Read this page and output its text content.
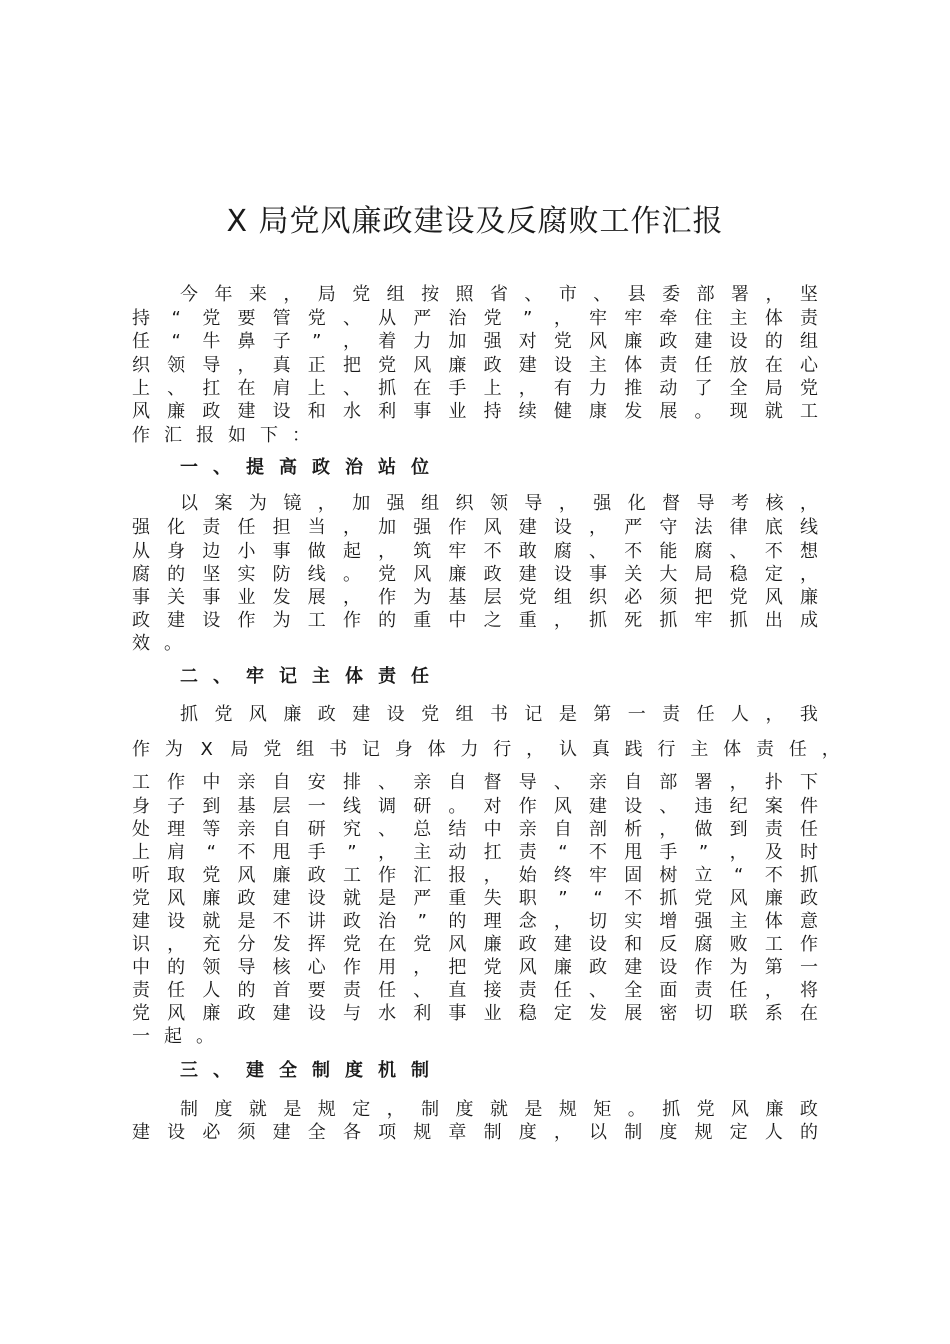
X 局党风廉政建设及反腐败工作汇报
今 年 来 ， 局 党 组 按 照 省 、 市 、 县 委 部 署 ， 坚
持 “ 党 要 管 党 、 从 严 治 党 ” ， 牢 牢 牵 住 主 体 责
任 “ 牛 鼻 子 ” ， 着 力 加 强 对 党 风 廉 政 建 设 的 组
织 领 导 ， 真 正 把 党 风 廉 政 建 设 主 体 责 任 放 在 心
上 、 扛 在 肩 上 、 抓 在 手 上 ， 有 力 推 动 了 全 局 党
风 廉 政 建 设 和 水 利 事 业 持 续 健 康 发 展 。 现 就 工
作 汇 报 如 下 ：
一、提高政治站位
以 案 为 镜 ， 加 强 组 织 领 导 ， 强 化 督 导 考 核 ，
强 化 责 任 担 当 ， 加 强 作 风 建 设 ， 严 守 法 律 底 线
从 身 边 小 事 做 起 ， 筑 牢 不 敢 腐 、 不 能 腐 、 不 想
腐 的 坚 实 防 线 。 党 风 廉 政 建 设 事 关 大 局 稳 定 ，
事 关 事 业 发 展 ， 作 为 基 层 党 组 织 必 须 把 党 风 廉
政 建 设 作 为 工 作 的 重 中 之 重 ， 抓 死 抓 牢 抓 出 成
效 。
二、牢记主体责任
抓 党 风 廉 政 建 设 党 组 书 记 是 第 一 责 任 人 ， 我
作 为 X 局 党 组 书 记 身 体 力 行 ， 认 真 践 行 主 体 责 任 ，
工 作 中 亲 自 安 排 、 亲 自 督 导 、 亲 自 部 署 ， 扑 下
身 子 到 基 层 一 线 调 研 。 对 作 风 建 设 、 违 纪 案 件
处 理 等 亲 自 研 究 、 总 结 中 亲 自 剖 析 ， 做 到 责 任
上 肩 “ 不 甩 手 ” ， 主 动 扛 责 “ 不 甩 手 ” ， 及 时
听 取 党 风 廉 政 工 作 汇 报 ， 始 终 牢 固 树 立 “ 不 抓
党 风 廉 政 建 设 就 是 严 重 失 职 ” “ 不 抓 党 风 廉 政
建 设 就 是 不 讲 政 治 ” 的 理 念 ， 切 实 增 强 主 体 意
识 ， 充 分 发 挥 党 在 党 风 廉 政 建 设 和 反 腐 败 工 作
中 的 领 导 核 心 作 用 ， 把 党 风 廉 政 建 设 作 为 第 一
责 任 人 的 首 要 责 任 、 直 接 责 任 、 全 面 责 任 ， 将
党 风 廉 政 建 设 与 水 利 事 业 稳 定 发 展 密 切 联 系 在
一 起 。
三、建全制度机制
制 度 就 是 规 定 ， 制 度 就 是 规 矩 。 抓 党 风 廉 政
建 设 必 须 建 全 各 项 规 章 制 度 ， 以 制 度 规 定 人 的
